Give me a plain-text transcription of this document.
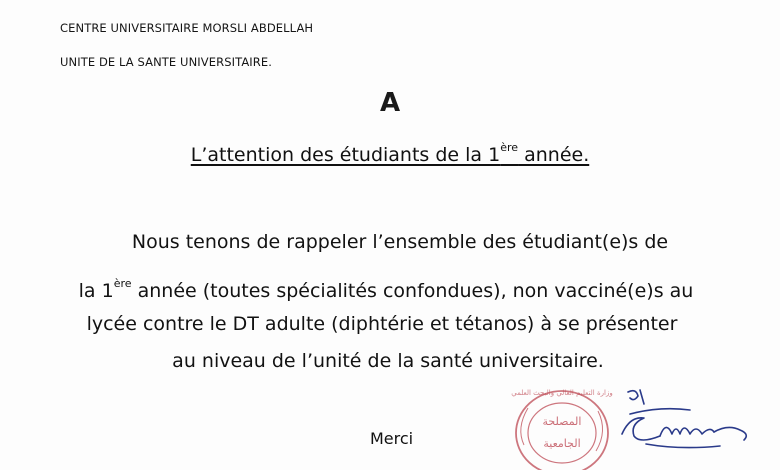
CENTRE UNIVERSITAIRE MORSLI ABDELLAH
UNITE DE LA SANTE UNIVERSITAIRE.
A
L’attention des étudiants de la 1ère année.
Nous tenons de rappeler l’ensemble des étudiant(e)s de
la 1ère année (toutes spécialités confondues), non vacciné(e)s au
lycée contre le DT adulte (diphtérie et tétanos) à se présenter
au niveau de l’unité de la santé universitaire.
Merci
وزارة التعليم العالي والبحث العلمي
المصلحة
الجامعية
